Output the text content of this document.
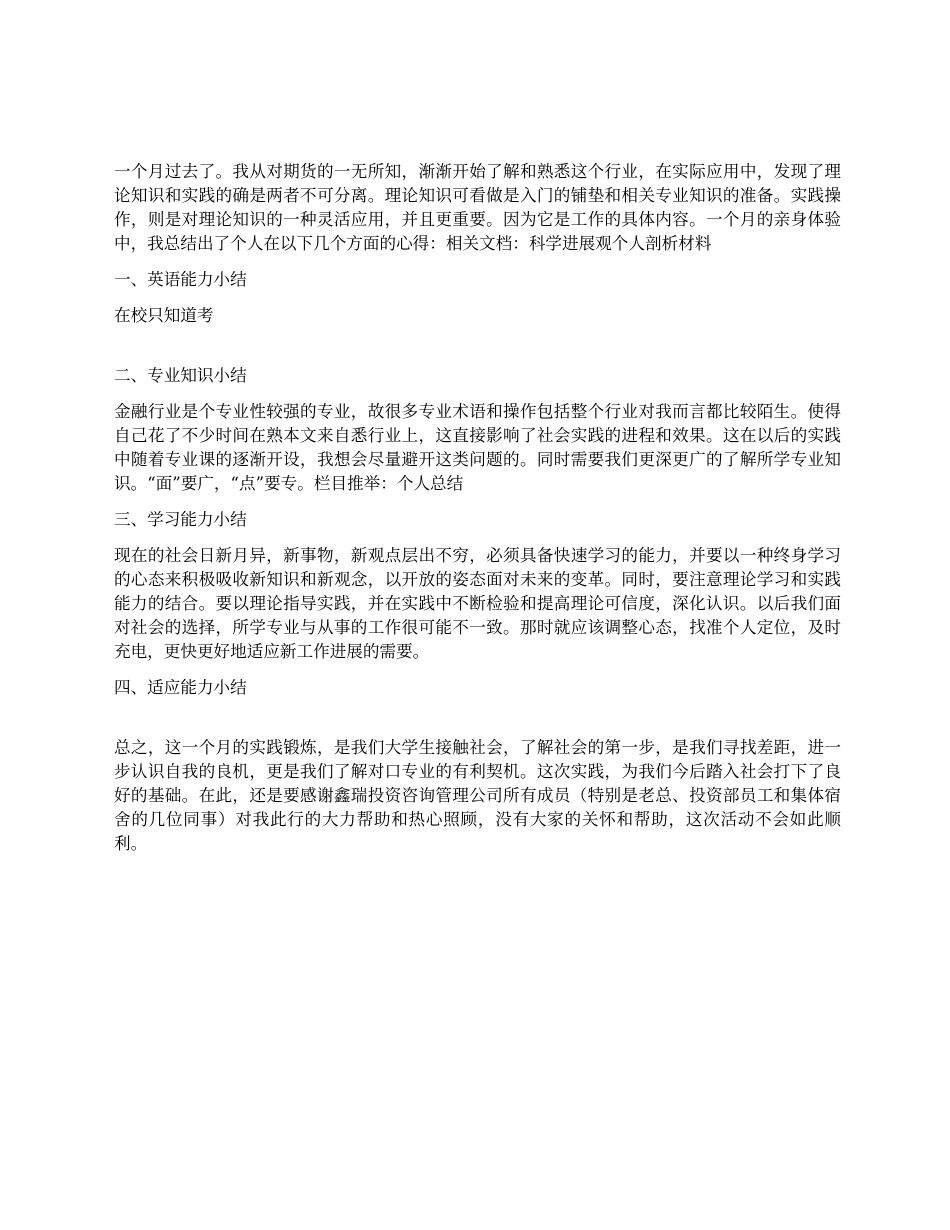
一个月过去了。我从对期货的一无所知，渐渐开始了解和熟悉这个行业，在实际应用中，发现了理论知识和实践的确是两者不可分离。理论知识可看做是入门的铺垫和相关专业知识的准备。实践操作，则是对理论知识的一种灵活应用，并且更重要。因为它是工作的具体内容。一个月的亲身体验中，我总结出了个人在以下几个方面的心得：相关文档：科学进展观个人剖析材料

一、英语能力小结

在校只知道考

二、专业知识小结

金融行业是个专业性较强的专业，故很多专业术语和操作包括整个行业对我而言都比较陌生。使得自己花了不少时间在熟本文来自悉行业上，这直接影响了社会实践的进程和效果。这在以后的实践中随着专业课的逐渐开设，我想会尽量避开这类问题的。同时需要我们更深更广的了解所学专业知识。“面”要广，“点”要专。栏目推举：个人总结

三、学习能力小结

现在的社会日新月异，新事物，新观点层出不穷，必须具备快速学习的能力，并要以一种终身学习的心态来积极吸收新知识和新观念，以开放的姿态面对未来的变革。同时，要注意理论学习和实践能力的结合。要以理论指导实践，并在实践中不断检验和提高理论可信度，深化认识。以后我们面对社会的选择，所学专业与从事的工作很可能不一致。那时就应该调整心态，找准个人定位，及时充电，更快更好地适应新工作进展的需要。

四、适应能力小结

总之，这一个月的实践锻炼，是我们大学生接触社会，了解社会的第一步，是我们寻找差距，进一步认识自我的良机，更是我们了解对口专业的有利契机。这次实践，为我们今后踏入社会打下了良好的基础。在此，还是要感谢鑫瑞投资咨询管理公司所有成员（特别是老总、投资部员工和集体宿舍的几位同事）对我此行的大力帮助和热心照顾，没有大家的关怀和帮助，这次活动不会如此顺利。
